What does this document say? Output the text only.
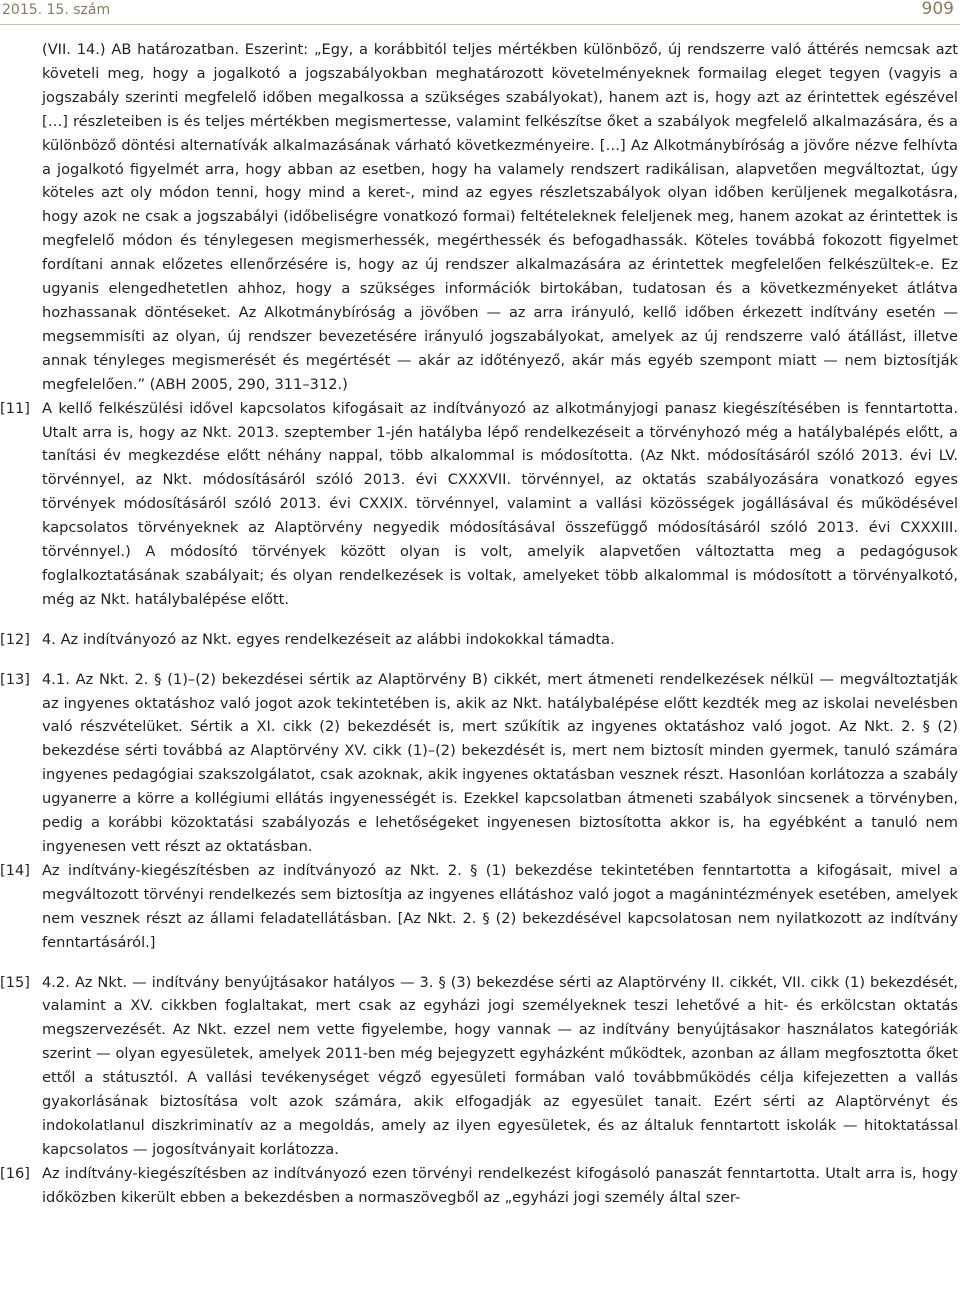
2015. 15. szám	909

(VII. 14.) AB határozatban. Eszerint: „Egy, a korábbitól teljes mértékben különböző, új rendszerre való áttérés nemcsak azt követeli meg, hogy a jogalkotó a jogszabályokban meghatározott követelményeknek formailag eleget tegyen (vagyis a jogszabály szerinti megfelelő időben megalkossa a szükséges szabályokat), hanem azt is, hogy azt az érintettek egészével […] részleteiben is és teljes mértékben megismertesse, valamint felkészítse őket a szabályok megfelelő alkalmazására, és a különböző döntési alternatívák alkalmazásának várható következményeire. […] Az Alkotmánybíróság a jövőre nézve felhívta a jogalkotó figyelmét arra, hogy abban az esetben, hogy ha valamely rendszert radikálisan, alapvetően megváltoztat, úgy köteles azt oly módon tenni, hogy mind a keret-, mind az egyes részletszabályok olyan időben kerüljenek megalkotásra, hogy azok ne csak a jogszabályi (időbeliségre vonatkozó formai) feltételeknek feleljenek meg, hanem azokat az érintettek is megfelelő módon és ténylegesen megismerhessék, megérthessék és befogadhassák. Köteles továbbá fokozott figyelmet fordítani annak előzetes ellenőrzésére is, hogy az új rendszer alkalmazására az érintettek megfelelően felkészültek-e. Ez ugyanis elengedhetetlen ahhoz, hogy a szükséges információk birtokában, tudatosan és a következményeket átlátva hozhassanak döntéseket. Az Alkotmánybíróság a jövőben — az arra irányuló, kellő időben érkezett indítvány esetén — megsemmisíti az olyan, új rendszer bevezetésére irányuló jogszabályokat, amelyek az új rendszerre való átállást, illetve annak tényleges megismerését és megértését — akár az időtényező, akár más egyéb szempont miatt — nem biztosítják megfelelően.” (ABH 2005, 290, 311–312.)

[11] A kellő felkészülési idővel kapcsolatos kifogásait az indítványozó az alkotmányjogi panasz kiegészítésében is fenntartotta. Utalt arra is, hogy az Nkt. 2013. szeptember 1-jén hatályba lépő rendelkezéseit a törvényhozó még a hatálybalépés előtt, a tanítási év megkezdése előtt néhány nappal, több alkalommal is módosította. (Az Nkt. módosításáról szóló 2013. évi LV. törvénnyel, az Nkt. módosításáról szóló 2013. évi CXXXVII. törvénnyel, az oktatás szabályozására vonatkozó egyes törvények módosításáról szóló 2013. évi CXXIX. törvénnyel, valamint a vallási közösségek jogállásával és működésével kapcsolatos törvényeknek az Alaptörvény negyedik módosításával összefüggő módosításáról szóló 2013. évi CXXXIII. törvénnyel.) A módosító törvények között olyan is volt, amelyik alapvetően változtatta meg a pedagógusok foglalkoztatásának szabályait; és olyan rendelkezések is voltak, amelyeket több alkalommal is módosított a törvényalkotó, még az Nkt. hatálybalépése előtt.

[12] 4. Az indítványozó az Nkt. egyes rendelkezéseit az alábbi indokokkal támadta.

[13] 4.1. Az Nkt. 2. § (1)–(2) bekezdései sértik az Alaptörvény B) cikkét, mert átmeneti rendelkezések nélkül — megváltoztatják az ingyenes oktatáshoz való jogot azok tekintetében is, akik az Nkt. hatálybalépése előtt kezdték meg az iskolai nevelésben való részvételüket. Sértik a XI. cikk (2) bekezdését is, mert szűkítik az ingyenes oktatáshoz való jogot. Az Nkt. 2. § (2) bekezdése sérti továbbá az Alaptörvény XV. cikk (1)–(2) bekezdését is, mert nem biztosít minden gyermek, tanuló számára ingyenes pedagógiai szakszolgálatot, csak azoknak, akik ingyenes oktatásban vesznek részt. Hasonlóan korlátozza a szabály ugyanerre a körre a kollégiumi ellátás ingyenességét is. Ezekkel kapcsolatban átmeneti szabályok sincsenek a törvényben, pedig a korábbi közoktatási szabályozás e lehetőségeket ingyenesen biztosította akkor is, ha egyébként a tanuló nem ingyenesen vett részt az oktatásban.

[14] Az indítvány-kiegészítésben az indítványozó az Nkt. 2. § (1) bekezdése tekintetében fenntartotta a kifogásait, mivel a megváltozott törvényi rendelkezés sem biztosítja az ingyenes ellátáshoz való jogot a magánintézmények esetében, amelyek nem vesznek részt az állami feladatellátásban. [Az Nkt. 2. § (2) bekezdésével kapcsolatosan nem nyilatkozott az indítvány fenntartásáról.]

[15] 4.2. Az Nkt. — indítvány benyújtásakor hatályos — 3. § (3) bekezdése sérti az Alaptörvény II. cikkét, VII. cikk (1) bekezdését, valamint a XV. cikkben foglaltakat, mert csak az egyházi jogi személyeknek teszi lehetővé a hit- és erkölcstan oktatás megszervezését. Az Nkt. ezzel nem vette figyelembe, hogy vannak — az indítvány benyújtásakor használatos kategóriák szerint — olyan egyesületek, amelyek 2011-ben még bejegyzett egyházként működtek, azonban az állam megfosztotta őket ettől a státusztól. A vallási tevékenységet végző egyesületi formában való továbbműködés célja kifejezetten a vallás gyakorlásának biztosítása volt azok számára, akik elfogadják az egyesület tanait. Ezért sérti az Alaptörvényt és indokolatlanul diszkriminatív az a megoldás, amely az ilyen egyesületek, és az általuk fenntartott iskolák — hitoktatással kapcsolatos — jogosítványait korlátozza.

[16] Az indítvány-kiegészítésben az indítványozó ezen törvényi rendelkezést kifogásoló panaszát fenntartotta. Utalt arra is, hogy időközben kikerült ebben a bekezdésben a normaszövegből az „egyházi jogi személy által szer-
